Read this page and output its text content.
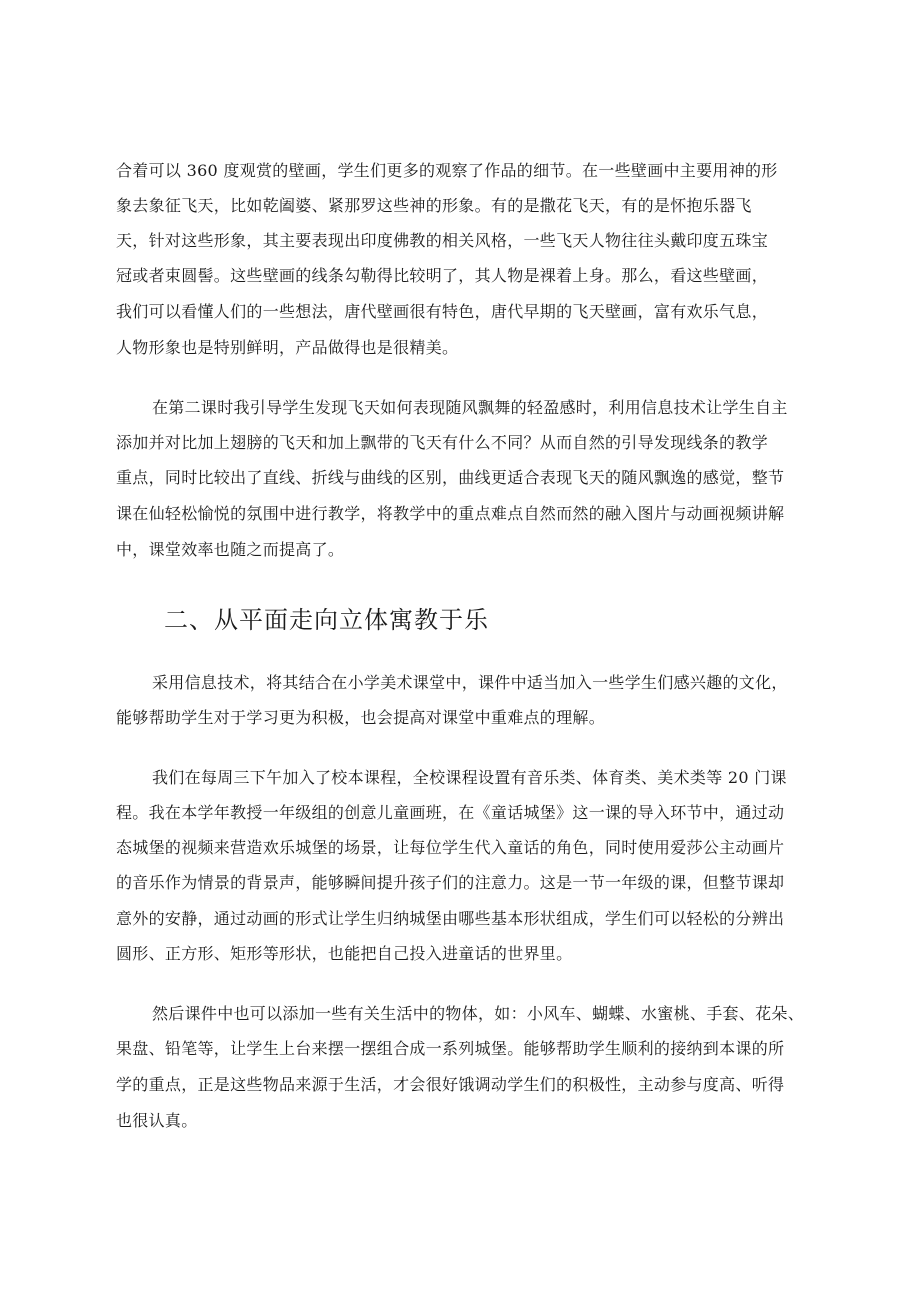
合着可以 360 度观赏的壁画，学生们更多的观察了作品的细节。在一些壁画中主要用神的形
象去象征飞天，比如乾阖婆、紧那罗这些神的形象。有的是撒花飞天，有的是怀抱乐器飞
天，针对这些形象，其主要表现出印度佛教的相关风格，一些飞天人物往往头戴印度五珠宝
冠或者束圆髻。这些壁画的线条勾勒得比较明了，其人物是裸着上身。那么，看这些壁画，
我们可以看懂人们的一些想法，唐代壁画很有特色，唐代早期的飞天壁画，富有欢乐气息，
人物形象也是特别鲜明，产品做得也是很精美。
在第二课时我引导学生发现飞天如何表现随风飘舞的轻盈感时，利用信息技术让学生自主
添加并对比加上翅膀的飞天和加上飘带的飞天有什么不同？从而自然的引导发现线条的教学
重点，同时比较出了直线、折线与曲线的区别，曲线更适合表现飞天的随风飘逸的感觉，整节
课在仙轻松愉悦的氛围中进行教学，将教学中的重点难点自然而然的融入图片与动画视频讲解
中，课堂效率也随之而提高了。
二、从平面走向立体寓教于乐
采用信息技术，将其结合在小学美术课堂中，课件中适当加入一些学生们感兴趣的文化，
能够帮助学生对于学习更为积极，也会提高对课堂中重难点的理解。
我们在每周三下午加入了校本课程，全校课程设置有音乐类、体育类、美术类等 20 门课
程。我在本学年教授一年级组的创意儿童画班，在《童话城堡》这一课的导入环节中，通过动
态城堡的视频来营造欢乐城堡的场景，让每位学生代入童话的角色，同时使用爱莎公主动画片
的音乐作为情景的背景声，能够瞬间提升孩子们的注意力。这是一节一年级的课，但整节课却
意外的安静，通过动画的形式让学生归纳城堡由哪些基本形状组成，学生们可以轻松的分辨出
圆形、正方形、矩形等形状，也能把自己投入进童话的世界里。
然后课件中也可以添加一些有关生活中的物体，如：小风车、蝴蝶、水蜜桃、手套、花朵、
果盘、铅笔等，让学生上台来摆一摆组合成一系列城堡。能够帮助学生顺利的接纳到本课的所
学的重点，正是这些物品来源于生活，才会很好饿调动学生们的积极性，主动参与度高、听得
也很认真。
